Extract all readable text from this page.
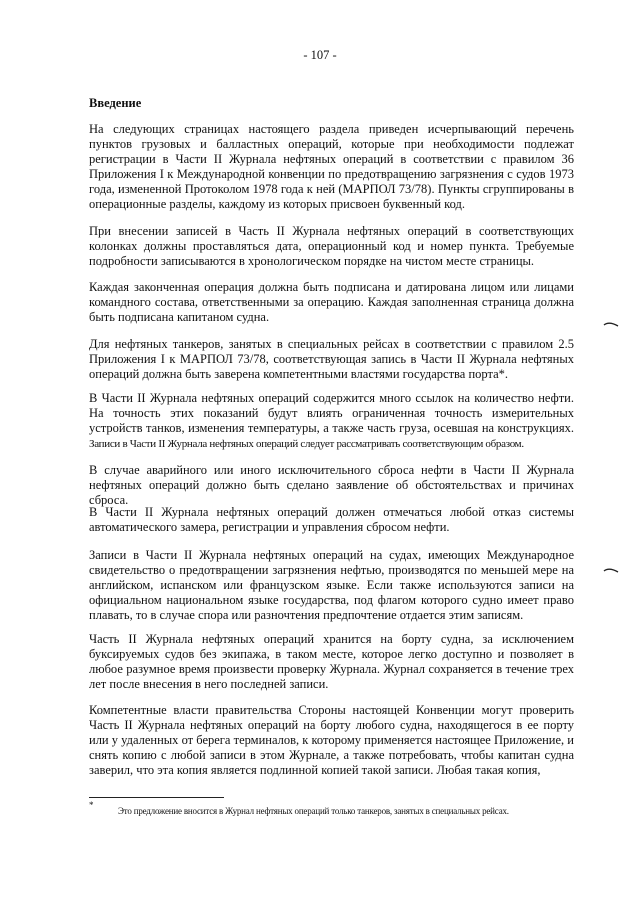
- 107 -
Введение

На следующих страницах настоящего раздела приведен исчерпывающий перечень пунктов грузовых и балластных операций, которые при необходимости подлежат регистрации в Части II Журнала нефтяных операций в соответствии с правилом 36 Приложения I к Международной конвенции по предотвращению загрязнения с судов 1973 года, измененной Протоколом 1978 года к ней (МАРПОЛ 73/78). Пункты сгруппированы в операционные разделы, каждому из которых присвоен буквенный код.

При внесении записей в Часть II Журнала нефтяных операций в соответствующих колонках должны проставляться дата, операционный код и номер пункта. Требуемые подробности записываются в хронологическом порядке на чистом месте страницы.

Каждая законченная операция должна быть подписана и датирована лицом или лицами командного состава, ответственными за операцию. Каждая заполненная страница должна быть подписана капитаном судна.

Для нефтяных танкеров, занятых в специальных рейсах в соответствии с правилом 2.5 Приложения I к МАРПОЛ 73/78, соответствующая запись в Части II Журнала нефтяных операций должна быть заверена компетентными властями государства порта*.

В Части II Журнала нефтяных операций содержится много ссылок на количество нефти. На точность этих показаний будут влиять ограниченная точность измерительных устройств танков, изменения температуры, а также часть груза, осевшая на конструкциях. Записи в Части II Журнала нефтяных операций следует рассматривать соответствующим образом.

В случае аварийного или иного исключительного сброса нефти в Части II Журнала нефтяных операций должно быть сделано заявление об обстоятельствах и причинах сброса.

В Части II Журнала нефтяных операций должен отмечаться любой отказ системы автоматического замера, регистрации и управления сбросом нефти.

Записи в Части II Журнала нефтяных операций на судах, имеющих Международное свидетельство о предотвращении загрязнения нефтью, производятся по меньшей мере на английском, испанском или французском языке. Если также используются записи на официальном национальном языке государства, под флагом которого судно имеет право плавать, то в случае спора или разночтения предпочтение отдается этим записям.

Часть II Журнала нефтяных операций хранится на борту судна, за исключением буксируемых судов без экипажа, в таком месте, которое легко доступно и позволяет в любое разумное время произвести проверку Журнала. Журнал сохраняется в течение трех лет после внесения в него последней записи.

Компетентные власти правительства Стороны настоящей Конвенции могут проверить Часть II Журнала нефтяных операций на борту любого судна, находящегося в ее порту или у удаленных от берега терминалов, к которому применяется настоящее Приложение, и снять копию с любой записи в этом Журнале, а также потребовать, чтобы капитан судна заверил, что эта копия является подлинной копией такой записи. Любая такая копия,

*
Это предложение вносится в Журнал нефтяных операций только танкеров, занятых в специальных рейсах.
